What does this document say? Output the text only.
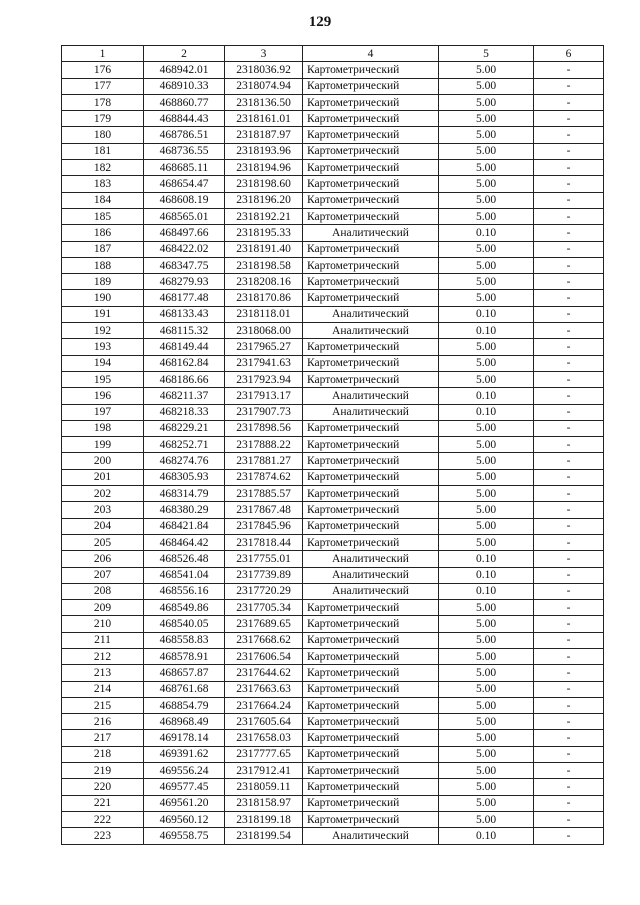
129
1	2	3	4	5	6
176	468942.01	2318036.92	Картометрический	5.00	-
177	468910.33	2318074.94	Картометрический	5.00	-
178	468860.77	2318136.50	Картометрический	5.00	-
179	468844.43	2318161.01	Картометрический	5.00	-
180	468786.51	2318187.97	Картометрический	5.00	-
181	468736.55	2318193.96	Картометрический	5.00	-
182	468685.11	2318194.96	Картометрический	5.00	-
183	468654.47	2318198.60	Картометрический	5.00	-
184	468608.19	2318196.20	Картометрический	5.00	-
185	468565.01	2318192.21	Картометрический	5.00	-
186	468497.66	2318195.33	Аналитический	0.10	-
187	468422.02	2318191.40	Картометрический	5.00	-
188	468347.75	2318198.58	Картометрический	5.00	-
189	468279.93	2318208.16	Картометрический	5.00	-
190	468177.48	2318170.86	Картометрический	5.00	-
191	468133.43	2318118.01	Аналитический	0.10	-
192	468115.32	2318068.00	Аналитический	0.10	-
193	468149.44	2317965.27	Картометрический	5.00	-
194	468162.84	2317941.63	Картометрический	5.00	-
195	468186.66	2317923.94	Картометрический	5.00	-
196	468211.37	2317913.17	Аналитический	0.10	-
197	468218.33	2317907.73	Аналитический	0.10	-
198	468229.21	2317898.56	Картометрический	5.00	-
199	468252.71	2317888.22	Картометрический	5.00	-
200	468274.76	2317881.27	Картометрический	5.00	-
201	468305.93	2317874.62	Картометрический	5.00	-
202	468314.79	2317885.57	Картометрический	5.00	-
203	468380.29	2317867.48	Картометрический	5.00	-
204	468421.84	2317845.96	Картометрический	5.00	-
205	468464.42	2317818.44	Картометрический	5.00	-
206	468526.48	2317755.01	Аналитический	0.10	-
207	468541.04	2317739.89	Аналитический	0.10	-
208	468556.16	2317720.29	Аналитический	0.10	-
209	468549.86	2317705.34	Картометрический	5.00	-
210	468540.05	2317689.65	Картометрический	5.00	-
211	468558.83	2317668.62	Картометрический	5.00	-
212	468578.91	2317606.54	Картометрический	5.00	-
213	468657.87	2317644.62	Картометрический	5.00	-
214	468761.68	2317663.63	Картометрический	5.00	-
215	468854.79	2317664.24	Картометрический	5.00	-
216	468968.49	2317605.64	Картометрический	5.00	-
217	469178.14	2317658.03	Картометрический	5.00	-
218	469391.62	2317777.65	Картометрический	5.00	-
219	469556.24	2317912.41	Картометрический	5.00	-
220	469577.45	2318059.11	Картометрический	5.00	-
221	469561.20	2318158.97	Картометрический	5.00	-
222	469560.12	2318199.18	Картометрический	5.00	-
223	469558.75	2318199.54	Аналитический	0.10	-
